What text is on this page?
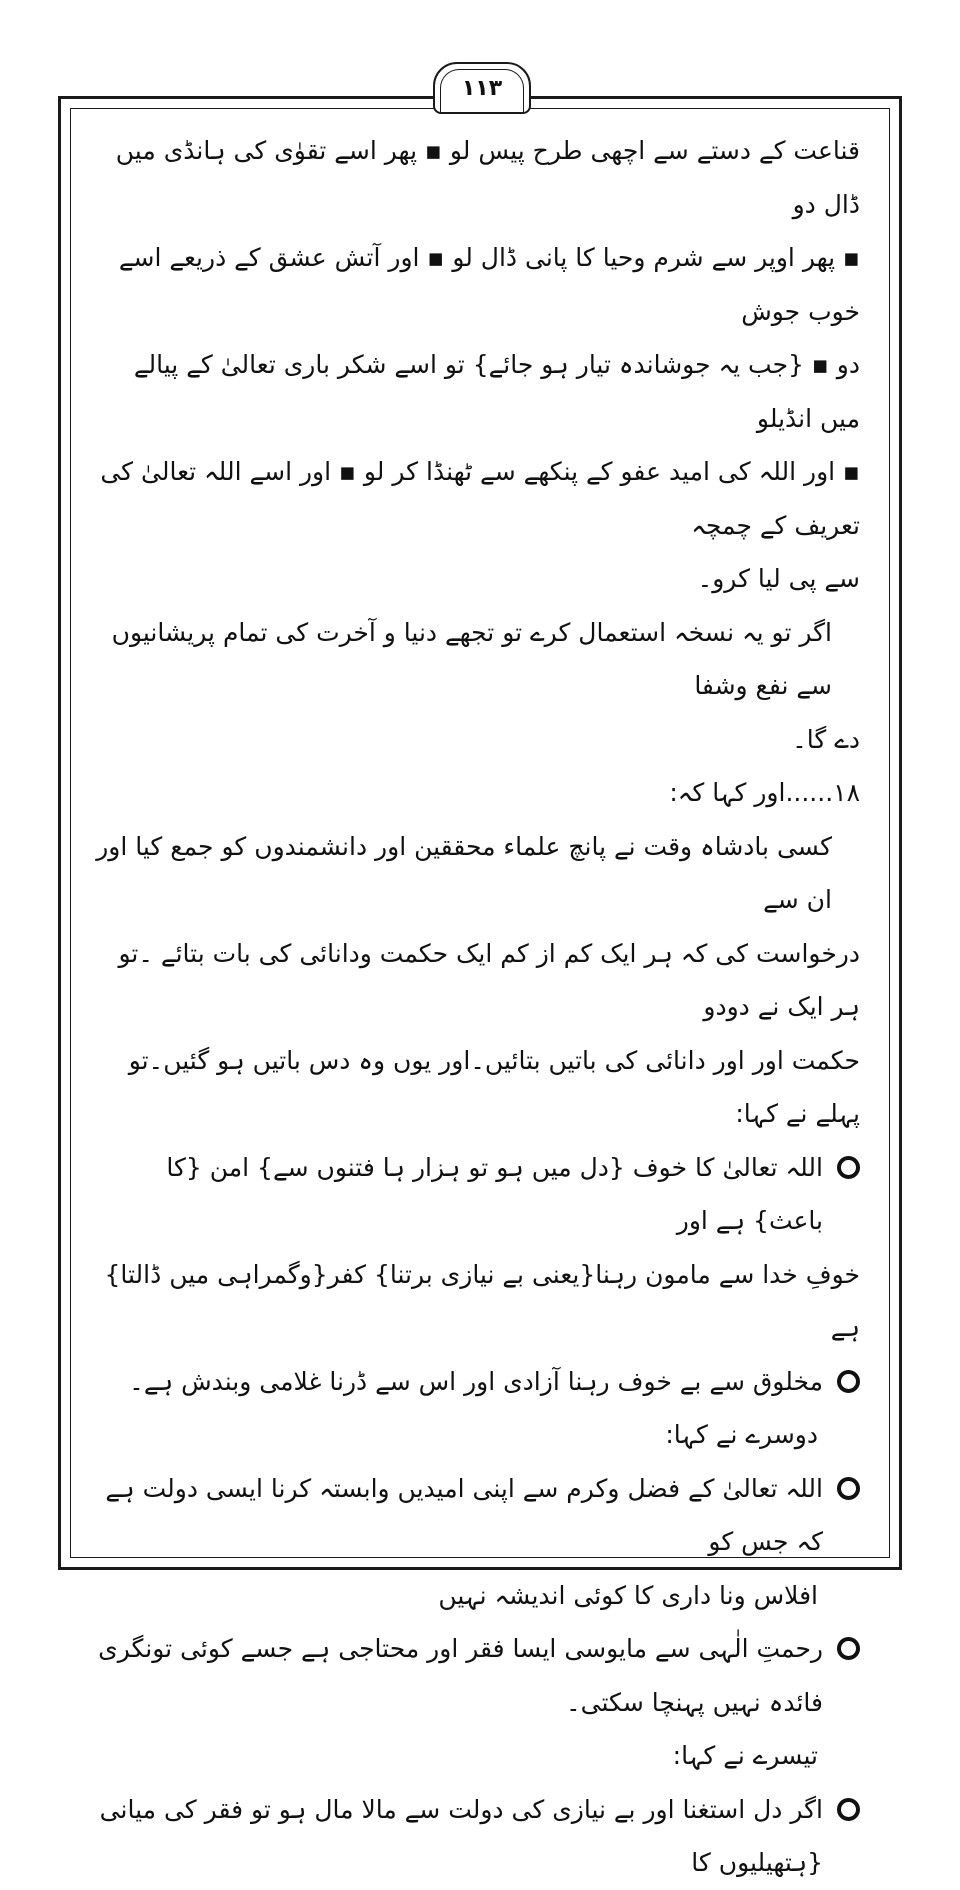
۱۱۳

قناعت کے دستے سے اچھی طرح پیس لو ▪ پھر اسے تقوٰی کی ہانڈی میں ڈال دو

▪ پھر اوپر سے شرم وحیا کا پانی ڈال لو ▪ اور آتش عشق کے ذریعے اسے خوب جوش

دو ▪ {جب یہ جوشاندہ تیار ہو جائے} تو اسے شکر باری تعالیٰ کے پیالے میں انڈیلو

▪ اور اللہ کی امید عفو کے پنکھے سے ٹھنڈا کر لو ▪ اور اسے اللہ تعالیٰ کی تعریف کے چمچہ

سے پی لیا کرو۔

اگر تو یہ نسخہ استعمال کرے تو تجھے دنیا و آخرت کی تمام پریشانیوں سے نفع وشفا

دے گا۔

۱۸......اور کہا کہ:

کسی بادشاہ وقت نے پانچ علماء محققین اور دانشمندوں کو جمع کیا اور ان سے

درخواست کی کہ ہر ایک کم از کم ایک حکمت ودانائی کی بات بتائے ۔تو ہر ایک نے دودو

حکمت اور اور دانائی کی باتیں بتائیں۔اور یوں وہ دس باتیں ہو گئیں۔تو پہلے نے کہا:

اللہ تعالیٰ کا خوف {دل میں ہو تو ہزار ہا فتنوں سے} امن {کا باعث} ہے اور

خوفِ خدا سے مامون رہنا{یعنی بے نیازی برتنا} کفر{وگمراہی میں ڈالتا} ہے

مخلوق سے بے خوف رہنا آزادی اور اس سے ڈرنا غلامی وبندش ہے۔

دوسرے نے کہا:

اللہ تعالیٰ کے فضل وکرم سے اپنی امیدیں وابستہ کرنا ایسی دولت ہے کہ جس کو

افلاس ونا داری کا کوئی اندیشہ نہیں

رحمتِ الٰہی سے مایوسی ایسا فقر اور محتاجی ہے جسے کوئی تونگری فائدہ نہیں پہنچا سکتی۔

تیسرے نے کہا:

اگر دل استغنا اور بے نیازی کی دولت سے مالا مال ہو تو فقر کی میانی {ہتھیلیوں کا
